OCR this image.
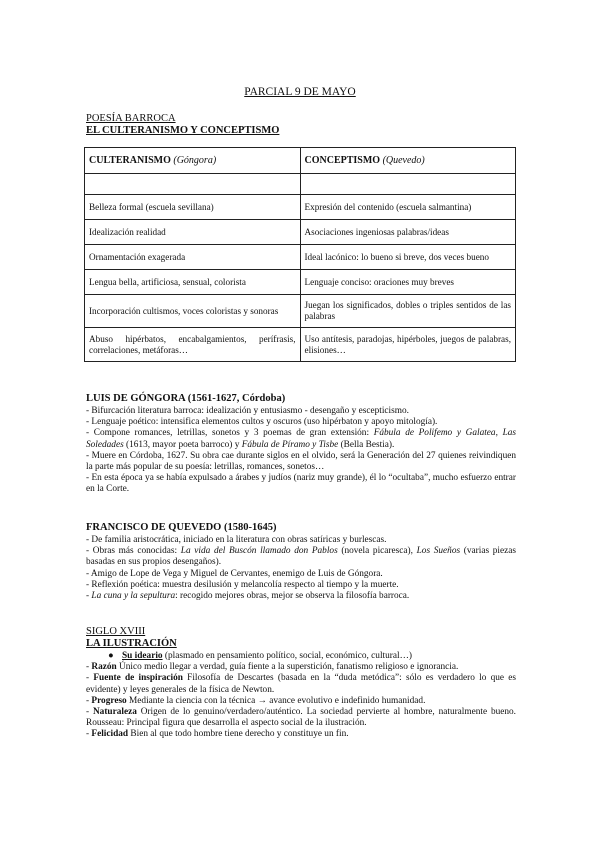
PARCIAL 9 DE MAYO
POESÍA BARROCA
EL CULTERANISMO Y CONCEPTISMO
CULTERANISMO (Góngora)	CONCEPTISMO (Quevedo)

Belleza formal (escuela sevillana)	Expresión del contenido (escuela salmantina)
Idealización realidad	Asociaciones ingeniosas palabras/ideas
Ornamentación exagerada	Ideal lacónico: lo bueno si breve, dos veces bueno
Lengua bella, artificiosa, sensual, colorista	Lenguaje conciso: oraciones muy breves
Incorporación cultismos, voces coloristas y sonoras	Juegan los significados, dobles o triples sentidos de las palabras
Abuso hipérbatos, encabalgamientos, perífrasis, correlaciones, metáforas…	Uso antítesis, paradojas, hipérboles, juegos de palabras, elisiones…
LUIS DE GÓNGORA (1561-1627, Córdoba)

- Bifurcación literatura barroca: idealización y entusiasmo - desengaño y escepticismo.

- Lenguaje poético: intensifica elementos cultos y oscuros (uso hipérbaton y apoyo mitología).

- Compone romances, letrillas, sonetos y 3 poemas de gran extensión: Fábula de Polifemo y Galatea, Las Soledades (1613, mayor poeta barroco) y Fábula de Píramo y Tisbe (Bella Bestia).

- Muere en Córdoba, 1627. Su obra cae durante siglos en el olvido, será la Generación del 27 quienes reivindiquen la parte más popular de su poesía: letrillas, romances, sonetos…

- En esta época ya se había expulsado a árabes y judíos (nariz muy grande), él lo “ocultaba”, mucho esfuerzo entrar en la Corte.

FRANCISCO DE QUEVEDO (1580-1645)

- De familia aristocrática, iniciado en la literatura con obras satíricas y burlescas.

- Obras más conocidas: La vida del Buscón llamado don Pablos (novela picaresca), Los Sueños (varias piezas basadas en sus propios desengaños).

- Amigo de Lope de Vega y Miguel de Cervantes, enemigo de Luis de Góngora.

- Reflexión poética: muestra desilusión y melancolía respecto al tiempo y la muerte.

- La cuna y la sepultura: recogido mejores obras, mejor se observa la filosofía barroca.

SIGLO XVIII
LA ILUSTRACIÓN

● Su ideario (plasmado en pensamiento político, social, económico, cultural…)

- Razón Único medio llegar a verdad, guía fiente a la superstición, fanatismo religioso e ignorancia.

- Fuente de inspiración Filosofía de Descartes (basada en la “duda metódica”: sólo es verdadero lo que es evidente) y leyes generales de la física de Newton.

- Progreso Mediante la ciencia con la técnica → avance evolutivo e indefinido humanidad.

- Naturaleza Origen de lo genuino/verdadero/auténtico. La sociedad pervierte al hombre, naturalmente bueno. Rousseau: Principal figura que desarrolla el aspecto social de la ilustración.

- Felicidad Bien al que todo hombre tiene derecho y constituye un fin.
